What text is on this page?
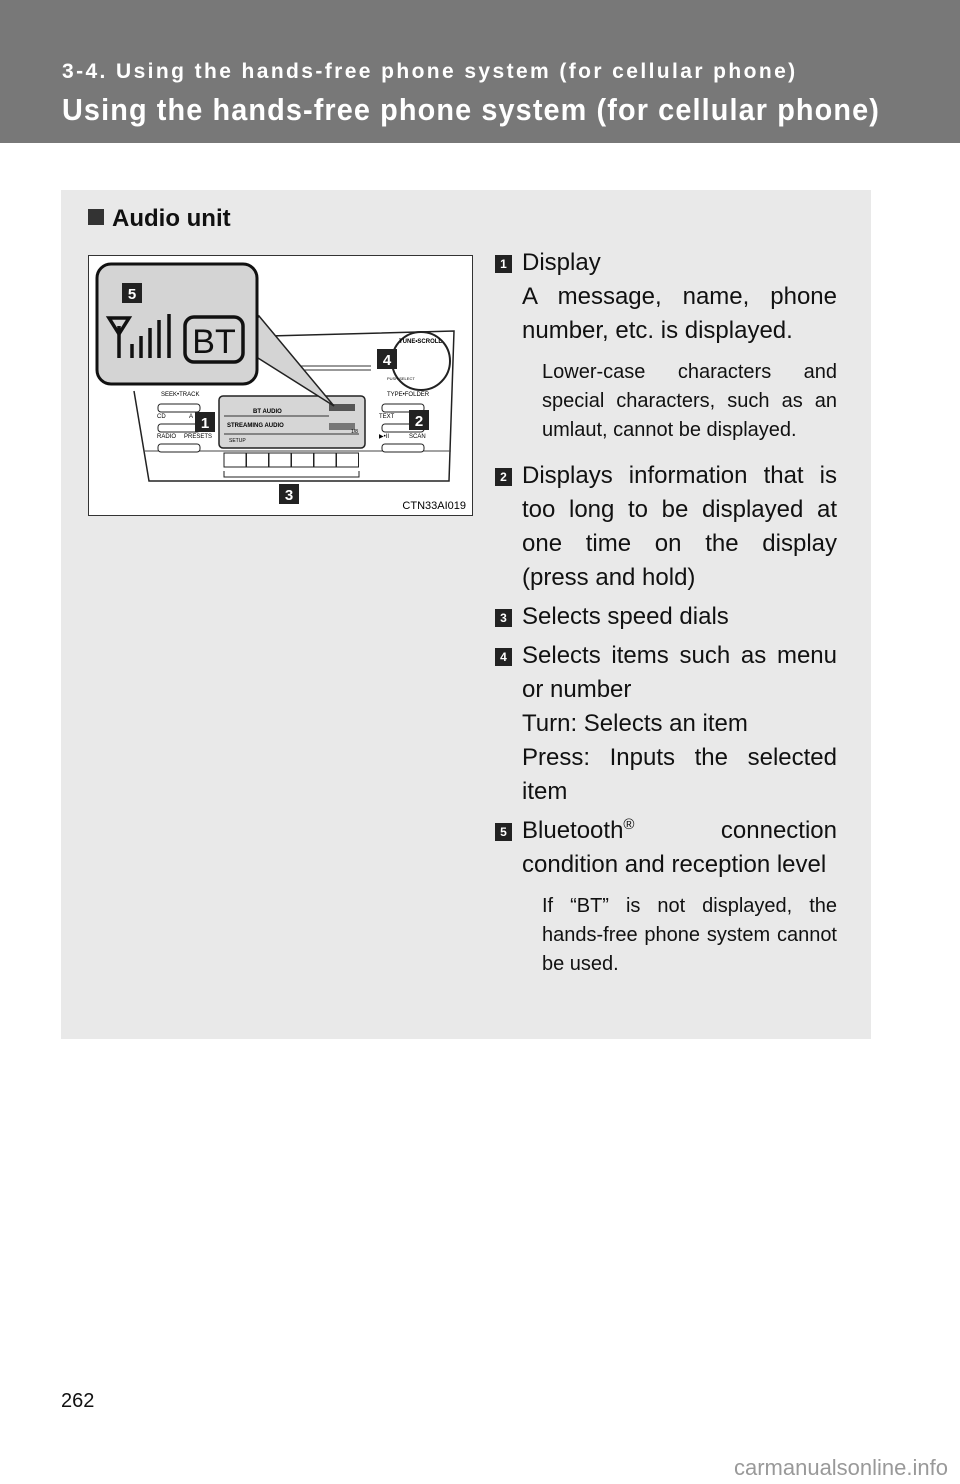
3-4. Using the hands-free phone system (for cellular phone)
Using the hands-free phone system (for cellular phone)
Audio unit
BT AUDIO
STREAMING AUDIO
SETUP
1/8
SEEK•TRACK	TYPE•FOLDER
TUNE•SCROLL
PUSH SELECT
CD	A
RADIO PRESETS
TEXT
▶•II	SCAN
BT
1	2
3
4
5
CTN33AI019
1 Display
A message, name, phone number, etc. is displayed.
Lower-case characters and special characters, such as an umlaut, cannot be displayed.
2 Displays information that is too long to be displayed at one time on the display (press and hold)
3 Selects speed dials
4 Selects items such as menu or number
Turn: Selects an item
Press: Inputs the selected item
5 Bluetooth® connection condition and reception level
If “BT” is not displayed, the hands-free phone system cannot be used.
262
carmanualsonline.info
